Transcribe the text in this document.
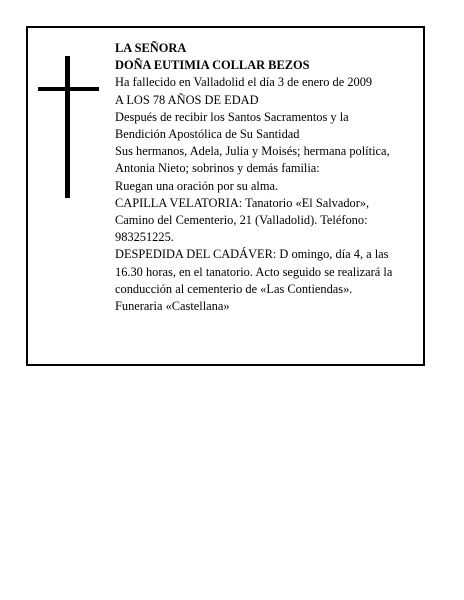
LA SEÑORA
DOÑA EUTIMIA COLLAR BEZOS
Ha fallecido en Valladolid el día 3 de enero de 2009
A LOS 78 AÑOS DE EDAD
Después de recibir los Santos Sacramentos y la
Bendición Apostólica de Su Santidad
Sus hermanos, Adela, Julia y Moisés; hermana política,
Antonia Nieto; sobrinos y demás familia:
Ruegan una oración por su alma.
CAPILLA VELATORIA: Tanatorio «El Salvador»,
Camino del Cementerio, 21 (Valladolid). Teléfono:
983251225.
DESPEDIDA DEL CADÁVER: D omingo, día 4, a las
16.30 horas, en el tanatorio. Acto seguido se realizará la
conducción al cementerio de «Las Contiendas».
Funeraria «Castellana»
